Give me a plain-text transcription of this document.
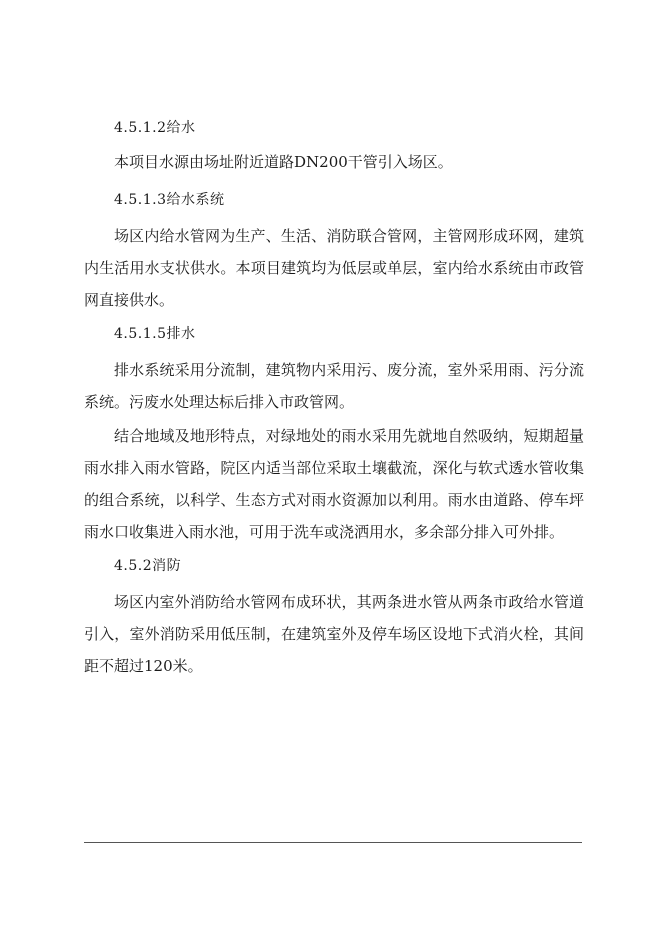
4.5.1.2给水

本项目水源由场址附近道路DN200干管引入场区。

4.5.1.3给水系统

场区内给水管网为生产、生活、消防联合管网，主管网形成环网，建筑内生活用水支状供水。本项目建筑均为低层或单层，室内给水系统由市政管网直接供水。

4.5.1.5排水

排水系统采用分流制，建筑物内采用污、废分流，室外采用雨、污分流系统。污废水处理达标后排入市政管网。

结合地域及地形特点，对绿地处的雨水采用先就地自然吸纳，短期超量雨水排入雨水管路，院区内适当部位采取土壤截流，深化与软式透水管收集的组合系统，以科学、生态方式对雨水资源加以利用。雨水由道路、停车坪雨水口收集进入雨水池，可用于洗车或浇洒用水，多余部分排入可外排。

4.5.2消防

场区内室外消防给水管网布成环状，其两条进水管从两条市政给水管道引入，室外消防采用低压制，在建筑室外及停车场区设地下式消火栓，其间距不超过120米。
